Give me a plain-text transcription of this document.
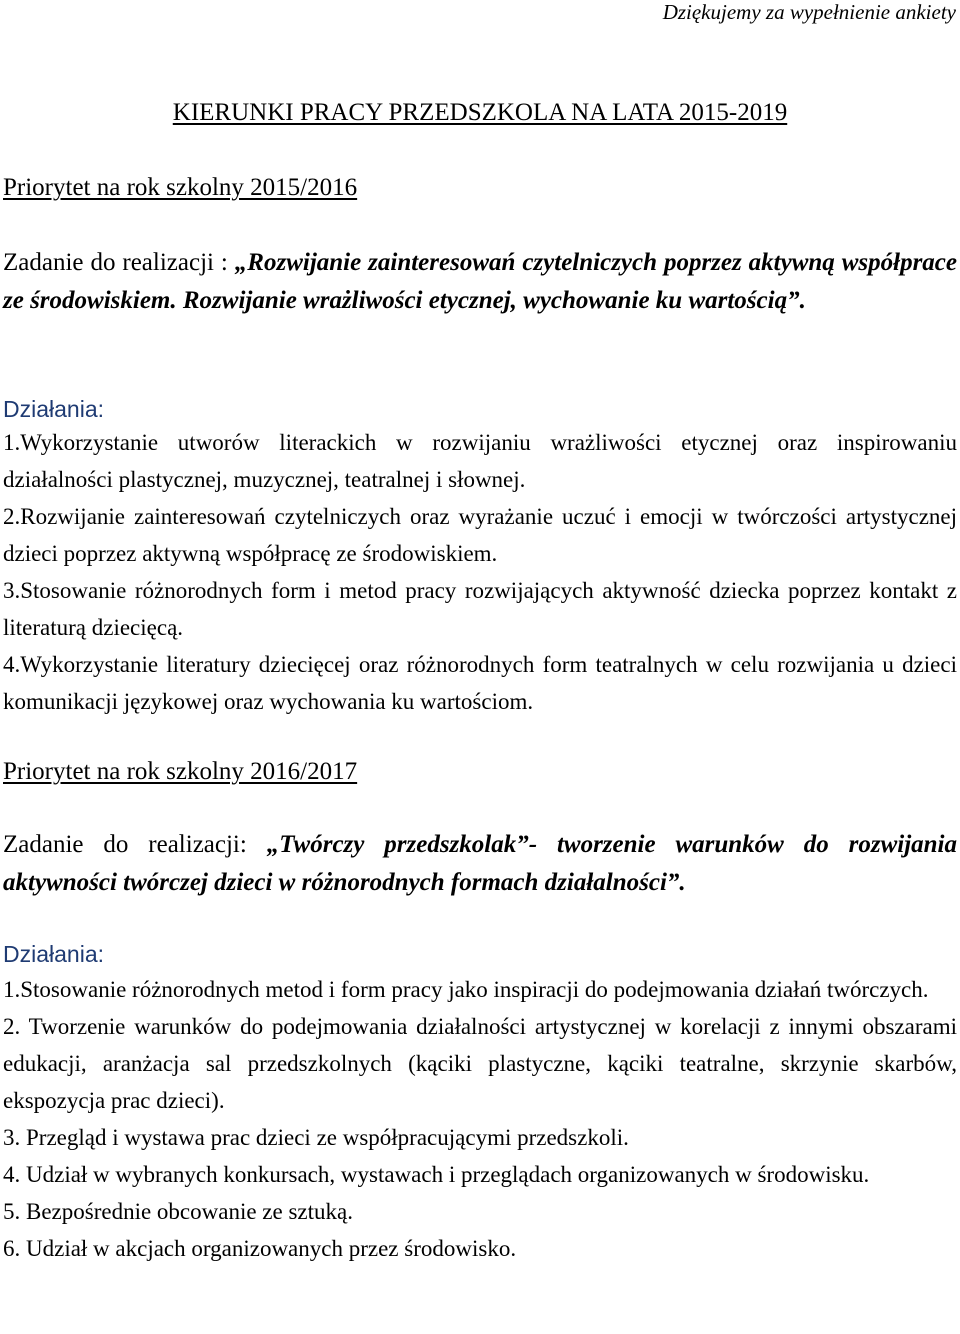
Dziękujemy za wypełnienie ankiety
KIERUNKI PRACY PRZEDSZKOLA NA LATA 2015-2019
Priorytet na rok szkolny 2015/2016
Zadanie do realizacji : „Rozwijanie zainteresowań czytelniczych poprzez aktywną współprace ze środowiskiem. Rozwijanie wrażliwości etycznej, wychowanie ku wartością”.
Działania:

1.Wykorzystanie utworów literackich w rozwijaniu wrażliwości etycznej oraz inspirowaniu działalności plastycznej, muzycznej, teatralnej i słownej.

2.Rozwijanie zainteresowań czytelniczych oraz wyrażanie uczuć i emocji w twórczości artystycznej dzieci poprzez aktywną współpracę ze środowiskiem.

3.Stosowanie różnorodnych form i metod pracy rozwijających aktywność dziecka poprzez kontakt z literaturą dziecięcą.

4.Wykorzystanie literatury dziecięcej oraz różnorodnych form teatralnych w celu rozwijania u dzieci komunikacji językowej oraz wychowania ku wartościom.

Priorytet na rok szkolny 2016/2017
Zadanie do realizacji: „Twórczy przedszkolak”- tworzenie warunków do rozwijania aktywności twórczej dzieci w różnorodnych formach działalności”.
Działania:

1.Stosowanie różnorodnych metod i form pracy jako inspiracji do podejmowania działań twórczych.

2. Tworzenie warunków do podejmowania działalności artystycznej w korelacji z innymi obszarami edukacji, aranżacja sal przedszkolnych (kąciki plastyczne, kąciki teatralne, skrzynie skarbów, ekspozycja prac dzieci).

3. Przegląd i wystawa prac dzieci ze współpracującymi przedszkoli.

4. Udział w wybranych konkursach, wystawach i przeglądach organizowanych w środowisku.

5. Bezpośrednie obcowanie ze sztuką.

6. Udział w akcjach organizowanych przez środowisko.
